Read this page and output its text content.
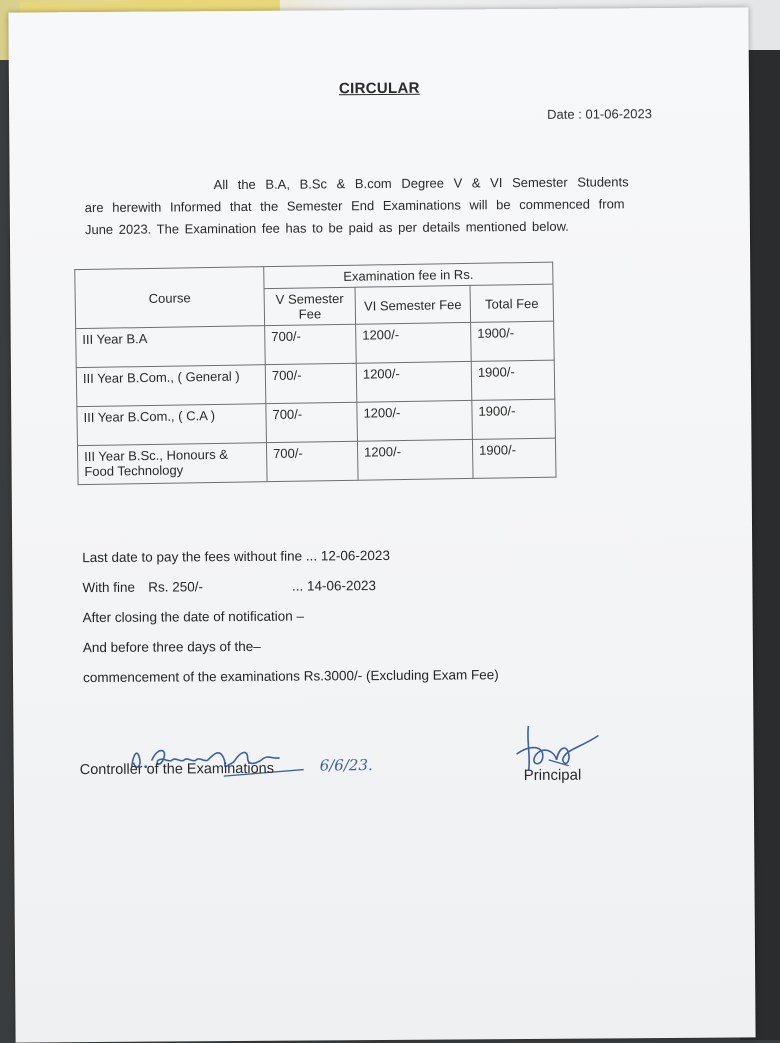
CIRCULAR
Date : 01-06-2023
All the B.A, B.Sc & B.com Degree V & VI Semester Students
are herewith Informed that the Semester End Examinations will be commenced from
June 2023. The Examination fee has to be paid as per details mentioned below.
Course	Examination fee in Rs.		
	V Semester Fee	VI Semester Fee	Total Fee
III Year B.A	700/-	1200/-	1900/-
III Year B.Com., ( General )	700/-	1200/-	1900/-
III Year B.Com., ( C.A )	700/-	1200/-	1900/-
III Year B.Sc., Honours & Food Technology	700/-	1200/-	1900/-
Last date to pay the fees without fine ... 12-06-2023
With fine Rs. 250/-	... 14-06-2023
After closing the date of notification –
And before three days of the–
commencement of the examinations Rs.3000/- (Excluding Exam Fee)
6/6/23.
Controller of the Examinations	Principal
